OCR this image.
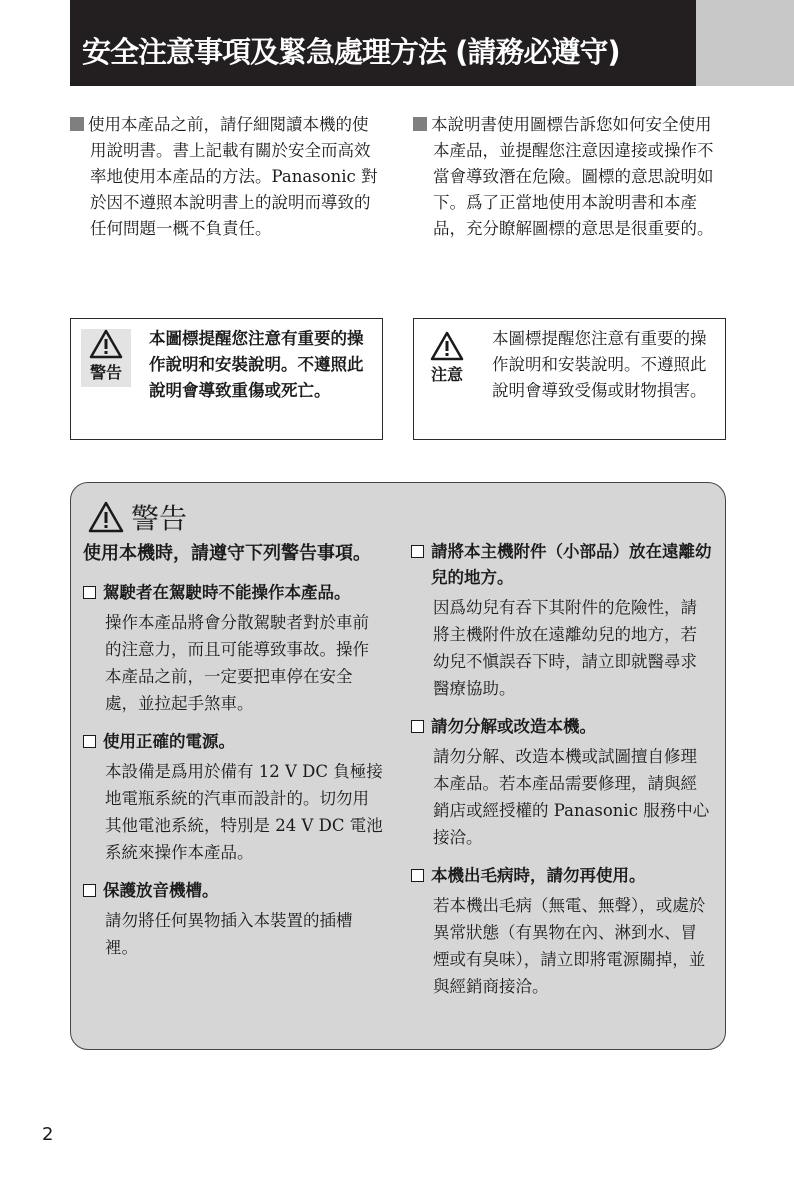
安全注意事項及緊急處理方法 (請務必遵守)
使用本產品之前，請仔細閱讀本機的使用說明書。書上記載有關於安全而高效率地使用本產品的方法。Panasonic 對於因不遵照本說明書上的說明而導致的任何問題一概不負責任。
本說明書使用圖標告訴您如何安全使用本產品，並提醒您注意因違接或操作不當會導致潛在危險。圖標的意思說明如下。爲了正當地使用本說明書和本產品，充分瞭解圖標的意思是很重要的。
警告
本圖標提醒您注意有重要的操作說明和安裝說明。不遵照此說明會導致重傷或死亡。
注意
本圖標提醒您注意有重要的操作說明和安裝說明。不遵照此說明會導致受傷或財物損害。
警告
使用本機時，請遵守下列警告事項。
駕駛者在駕駛時不能操作本產品。
操作本產品將會分散駕駛者對於車前的注意力，而且可能導致事故。操作本產品之前，一定要把車停在安全處，並拉起手煞車。
使用正確的電源。
本設備是爲用於備有 12 V DC 負極接地電瓶系統的汽車而設計的。切勿用其他電池系統，特別是 24 V DC 電池系統來操作本產品。
保護放音機槽。
請勿將任何異物插入本裝置的插槽裡。
請將本主機附件（小部品）放在遠離幼兒的地方。
因爲幼兒有吞下其附件的危險性，請將主機附件放在遠離幼兒的地方，若幼兒不愼誤吞下時，請立即就醫尋求醫療協助。
請勿分解或改造本機。
請勿分解、改造本機或試圖擅自修理本產品。若本產品需要修理，請與經銷店或經授權的 Panasonic 服務中心接洽。
本機出毛病時，請勿再使用。
若本機出毛病（無電、無聲），或處於異常狀態（有異物在內、淋到水、冒煙或有臭味），請立即將電源關掉，並與經銷商接洽。
2
